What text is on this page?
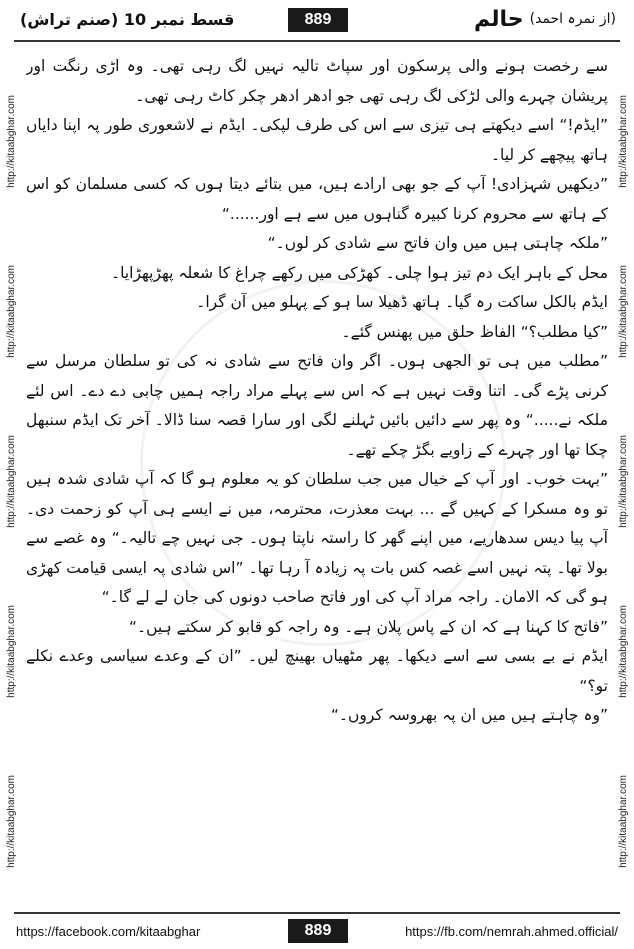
قسط نمبر 10 (صنم تراش)	(از نمرہ احمد)
حالم
889
http://kitaabghar.com
http://kitaabghar.com
http://kitaabghar.com
http://kitaabghar.com
http://kitaabghar.com
http://kitaabghar.com
http://kitaabghar.com
http://kitaabghar.com
http://kitaabghar.com
http://kitaabghar.com

سے رخصت ہونے والی پرسکون اور سپاٹ تالیہ نہیں لگ رہی تھی۔ وہ اڑی رنگت اور پریشان چہرے والی لڑکی لگ رہی تھی جو ادھر ادھر چکر کاٹ رہی تھی۔

”ایڈم!“ اسے دیکھتے ہی تیزی سے اس کی طرف لپکی۔ ایڈم نے لاشعوری طور پہ اپنا دایاں ہاتھ پیچھے کر لیا۔

”دیکھیں شہزادی! آپ کے جو بھی ارادے ہیں، میں بتائے دیتا ہوں کہ کسی مسلمان کو اس کے ہاتھ سے محروم کرنا کبیرہ گناہوں میں سے ہے اور......“

”ملکہ چاہتی ہیں میں وان فاتح سے شادی کر لوں۔“

محل کے باہر ایک دم تیز ہوا چلی۔ کھڑکی میں رکھے چراغ کا شعلہ پھڑپھڑایا۔

ایڈم بالکل ساکت رہ گیا۔ ہاتھ ڈھیلا سا ہو کے پہلو میں آن گرا۔

”کیا مطلب؟“ الفاظ حلق میں پھنس گئے۔

”مطلب میں ہی تو الجھی ہوں۔ اگر وان فاتح سے شادی نہ کی تو سلطان مرسل سے کرنی پڑے گی۔ اتنا وقت نہیں ہے کہ اس سے پہلے مراد راجہ ہمیں چابی دے دے۔ اس لئے ملکہ نے.....“ وہ پھر سے دائیں بائیں ٹہلنے لگی اور سارا قصہ سنا ڈالا۔ آخر تک ایڈم سنبھل چکا تھا اور چہرے کے زاویے بگڑ چکے تھے۔

”بہت خوب۔ اور آپ کے خیال میں جب سلطان کو یہ معلوم ہو گا کہ آپ شادی شدہ ہیں تو وہ مسکرا کے کہیں گے ... بہت معذرت، محترمہ، میں نے ایسے ہی آپ کو زحمت دی۔ آپ پیا دیس سدھاریے، میں اپنے گھر کا راستہ ناپتا ہوں۔ جی نہیں چے تالیہ۔“ وہ غصے سے بولا تھا۔ پتہ نہیں اسے غصہ کس بات پہ زیادہ آ رہا تھا۔ ”اس شادی پہ ایسی قیامت کھڑی ہو گی کہ الامان۔ راجہ مراد آپ کی اور فاتح صاحب دونوں کی جان لے لے گا۔“

”فاتح کا کہنا ہے کہ ان کے پاس پلان ہے۔ وہ راجہ کو قابو کر سکتے ہیں۔“

ایڈم نے بے بسی سے اسے دیکھا۔ پھر مٹھیاں بھینچ لیں۔ ”ان کے وعدے سیاسی وعدے نکلے تو؟“

”وہ چاہتے ہیں میں ان پہ بھروسہ کروں۔“

https://facebook.com/kitaabghar	https://fb.com/nemrah.ahmed.official/
889
